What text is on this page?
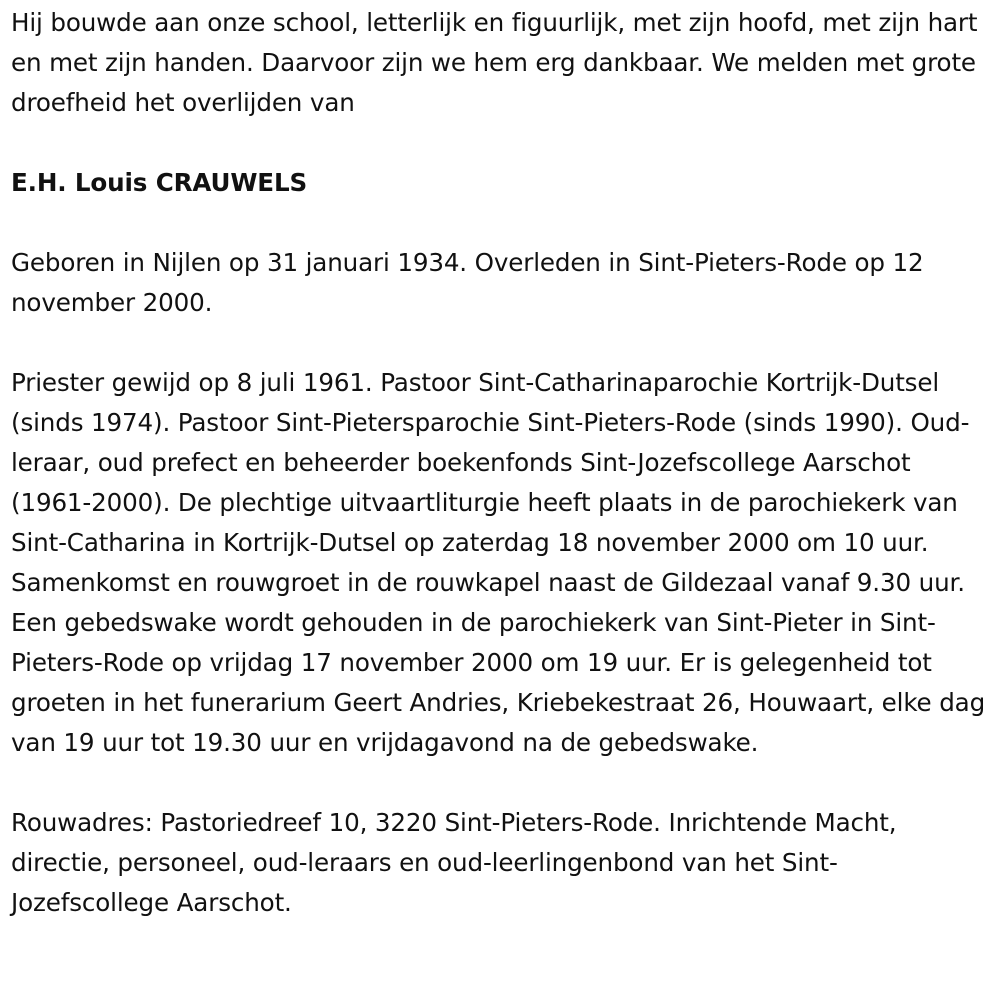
Hij bouwde aan onze school, letterlijk en figuurlijk, met zijn hoofd, met zijn hart en met zijn handen. Daarvoor zijn we hem erg dankbaar. We melden met grote droefheid het overlijden van

E.H. Louis CRAUWELS

Geboren in Nijlen op 31 januari 1934. Overleden in Sint-Pieters-Rode op 12 november 2000.

Priester gewijd op 8 juli 1961. Pastoor Sint-Catharinaparochie Kortrijk-Dutsel (sinds 1974). Pastoor Sint-Pietersparochie Sint-Pieters-Rode (sinds 1990). Oud-leraar, oud prefect en beheerder boekenfonds Sint-Jozefscollege Aarschot (1961-2000). De plechtige uitvaartliturgie heeft plaats in de parochiekerk van Sint-Catharina in Kortrijk-Dutsel op zaterdag 18 november 2000 om 10 uur. Samenkomst en rouwgroet in de rouwkapel naast de Gildezaal vanaf 9.30 uur. Een gebedswake wordt gehouden in de parochiekerk van Sint-Pieter in Sint-Pieters-Rode op vrijdag 17 november 2000 om 19 uur. Er is gelegenheid tot groeten in het funerarium Geert Andries, Kriebekestraat 26, Houwaart, elke dag van 19 uur tot 19.30 uur en vrijdagavond na de gebedswake.

Rouwadres: Pastoriedreef 10, 3220 Sint-Pieters-Rode. Inrichtende Macht, directie, personeel, oud-leraars en oud-leerlingenbond van het Sint-Jozefscollege Aarschot.
